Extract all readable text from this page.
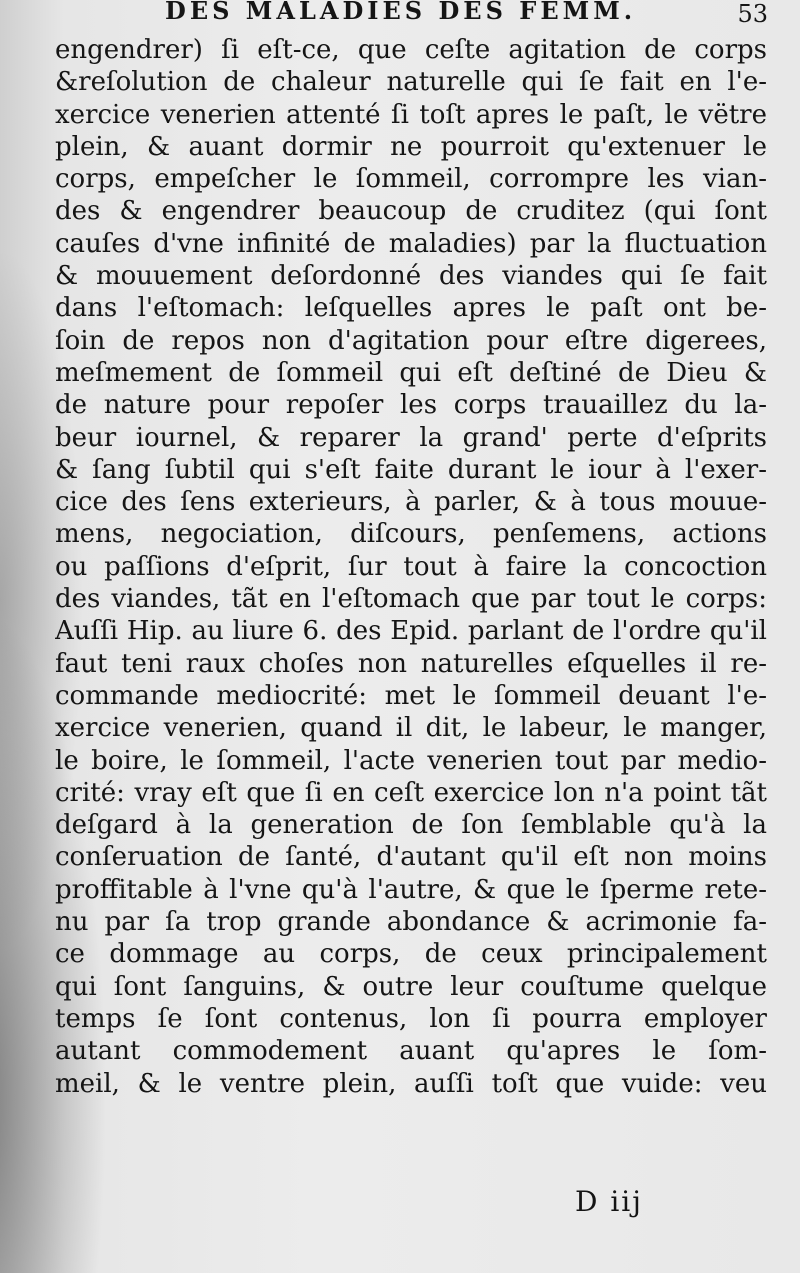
DES MALADIES DES FEMM.	53
engendrer) ſi eſt-ce, que ceſte agitation de corps
&reſolution de chaleur naturelle qui ſe fait en l'e-
xercice venerien attenté ſi toſt apres le paſt, le vëtre
plein, & auant dormir ne pourroit qu'extenuer le
corps, empeſcher le ſommeil, corrompre les vian-
des & engendrer beaucoup de cruditez (qui ſont
cauſes d'vne infinité de maladies) par la fluctuation
& mouuement deſordonné des viandes qui ſe fait
dans l'eſtomach: leſquelles apres le paſt ont be-
ſoin de repos non d'agitation pour eſtre digerees,
meſmement de ſommeil qui eſt deſtiné de Dieu &
de nature pour repoſer les corps trauaillez du la-
beur iournel, & reparer la grand' perte d'eſprits
& ſang ſubtil qui s'eſt faite durant le iour à l'exer-
cice des ſens exterieurs, à parler, & à tous mouue-
mens, negociation, diſcours, penſemens, actions
ou paſſions d'eſprit, ſur tout à faire la concoction
des viandes, tãt en l'eſtomach que par tout le corps:
Auſſi Hip. au liure 6. des Epid. parlant de l'ordre qu'il
faut teni raux choſes non naturelles eſquelles il re-
commande mediocrité: met le ſommeil deuant l'e-
xercice venerien, quand il dit, le labeur, le manger,
le boire, le ſommeil, l'acte venerien tout par medio-
crité: vray eſt que ſi en ceſt exercice lon n'a point tãt
deſgard à la generation de ſon ſemblable qu'à la
conſeruation de ſanté, d'autant qu'il eſt non moins
proffitable à l'vne qu'à l'autre, & que le ſperme rete-
nu par ſa trop grande abondance & acrimonie fa-
ce dommage au corps, de ceux principalement
qui ſont ſanguins, & outre leur couſtume quelque
temps ſe ſont contenus, lon ſi pourra employer
autant commodement auant qu'apres le ſom-
meil, & le ventre plein, auſſi toſt que vuide: veu
D iij
